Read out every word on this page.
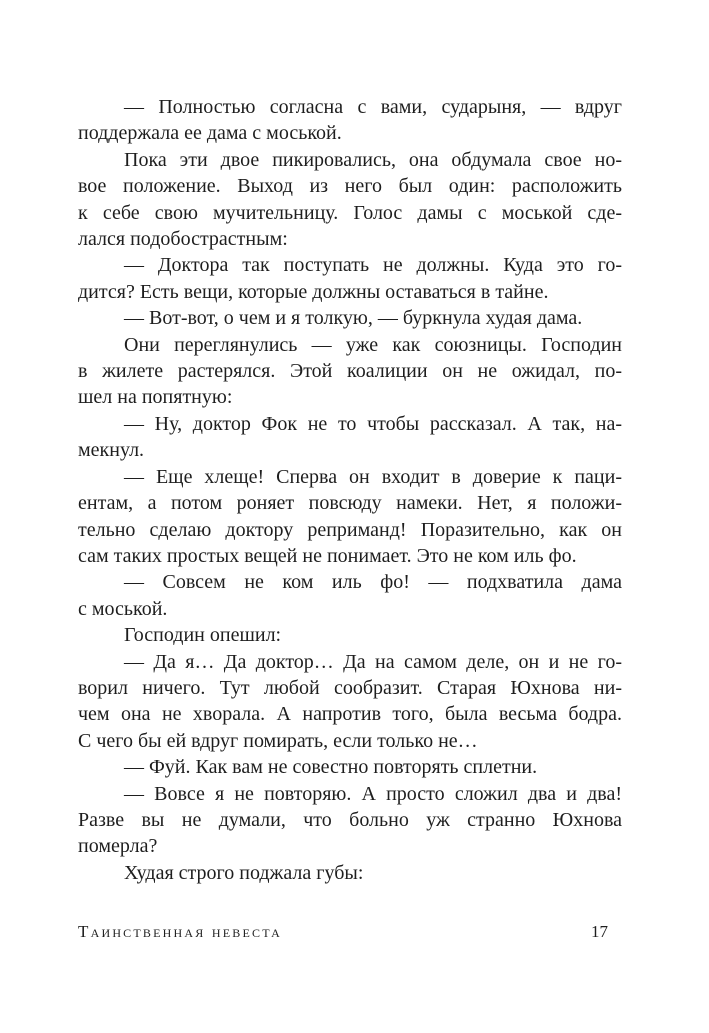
— Полностью согласна с вами, сударыня, — вдруг
поддержала ее дама с моськой.
Пока эти двое пикировались, она обдумала свое но-
вое положение. Выход из него был один: расположить
к себе свою мучительницу. Голос дамы с моськой сде-
лался подобострастным:
— Доктора так поступать не должны. Куда это го-
дится? Есть вещи, которые должны оставаться в тайне.
— Вот-вот, о чем и я толкую, — буркнула худая дама.
Они переглянулись — уже как союзницы. Господин
в жилете растерялся. Этой коалиции он не ожидал, по-
шел на попятную:
— Ну, доктор Фок не то чтобы рассказал. А так, на-
мекнул.
— Еще хлеще! Сперва он входит в доверие к паци-
ентам, а потом роняет повсюду намеки. Нет, я положи-
тельно сделаю доктору реприманд! Поразительно, как он
сам таких простых вещей не понимает. Это не ком иль фо.
— Совсем не ком иль фо! — подхватила дама
с моськой.
Господин опешил:
— Да я… Да доктор… Да на самом деле, он и не го-
ворил ничего. Тут любой сообразит. Старая Юхнова ни-
чем она не хворала. А напротив того, была весьма бодра.
С чего бы ей вдруг помирать, если только не…
— Фуй. Как вам не совестно повторять сплетни.
— Вовсе я не повторяю. А просто сложил два и два!
Разве вы не думали, что больно уж странно Юхнова
померла?
Худая строго поджала губы:
Таинственная невеста	17
